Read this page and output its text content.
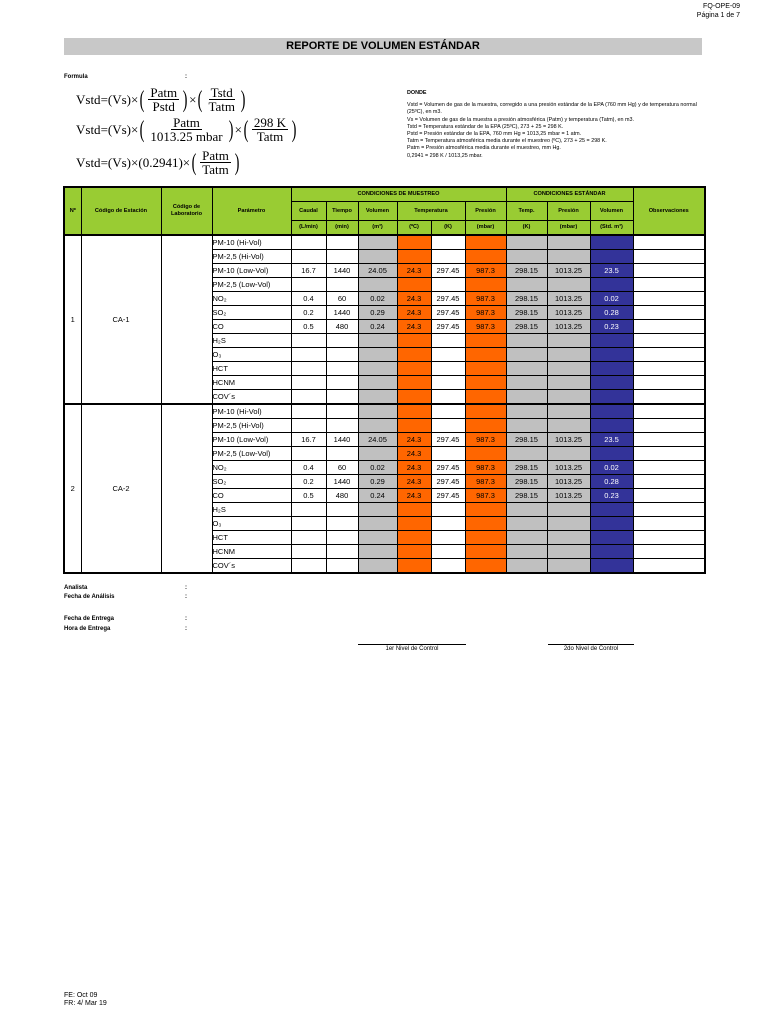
FQ-OPE-09
Página 1 de 7
REPORTE DE VOLUMEN ESTÁNDAR
Formula	:
Vstd = (Vs) × ( $\frac{\text{Patm}}{\text{Pstd}}$ ) × ( $\frac{\text{Tstd}}{\text{Tatm}}$ )
Vstd = (Vs) × ( $\frac{\text{Patm}}{\text{1013.25 mbar}}$ ) × ( $\frac{298 K}{\text{Tatm}}$ )
Vstd = (Vs) × (0.2941) × ( $\frac{\text{Patm}}{\text{Tatm}}$ )
DONDE
Vstd = Volumen de gas de la muestra, corregido a una presión estándar de la EPA (760 mm Hg) y de temperatura normal (25ºC), en m3.
Vs = Volumen de gas de la muestra a presión atmosférica (Patm) y temperatura (Tatm), en m3.
Tstd = Temperatura estándar de la EPA (25ºC), 273 + 25 = 298 K.
Pstd = Presión estándar de la EPA, 760 mm Hg = 1013,25 mbar = 1 atm.
Tatm = Temperatura atmosférica media durante el muestreo (ºC), 273 + 25 = 298 K.
Patm = Presión atmosférica media durante el muestreo, mm Hg.
0,2941 = 298 K / 1013,25 mbar.
Nº	Código de Estación	Código de Laboratorio	Parámetro	CONDICIONES DE MUESTREO						CONDICIONES ESTÁNDAR			Observaciones
				Caudal	Tiempo	Volumen	Temperatura		Presión	Temp.	Presión	Volumen	
				(L/min)	(min)	(m³)	(ºC)	(K)	(mbar)	(K)	(mbar)	(Std. m³)	
1	CA-1		PM-10 (Hi-Vol)										
			PM-2,5 (Hi-Vol)										
			PM-10 (Low-Vol)	16.7	1440	24.05	24.3	297.45	987.3	298.15	1013.25	23.5	
			PM-2,5 (Low-Vol)										
			NO₂	0.4	60	0.02	24.3	297.45	987.3	298.15	1013.25	0.02	
			SO₂	0.2	1440	0.29	24.3	297.45	987.3	298.15	1013.25	0.28	
			CO	0.5	480	0.24	24.3	297.45	987.3	298.15	1013.25	0.23	
			H₂S										
			O₃										
			HCT										
			HCNM										
			COV´s										
2	CA-2		PM-10 (Hi-Vol)										
			PM-2,5 (Hi-Vol)										
			PM-10 (Low-Vol)	16.7	1440	24.05	24.3	297.45	987.3	298.15	1013.25	23.5	
			PM-2,5 (Low-Vol)				24.3						
			NO₂	0.4	60	0.02	24.3	297.45	987.3	298.15	1013.25	0.02	
			SO₂	0.2	1440	0.29	24.3	297.45	987.3	298.15	1013.25	0.28	
			CO	0.5	480	0.24	24.3	297.45	987.3	298.15	1013.25	0.23	
			H₂S										
			O₃										
			HCT										
			HCNM										
			COV´s										
Analista	:
Fecha de Análisis	:
Fecha de Entrega	:
Hora de Entrega	:
1er Nivel de Control	2do Nivel de Control
FE: Oct 09
FR: 4/ Mar 19
